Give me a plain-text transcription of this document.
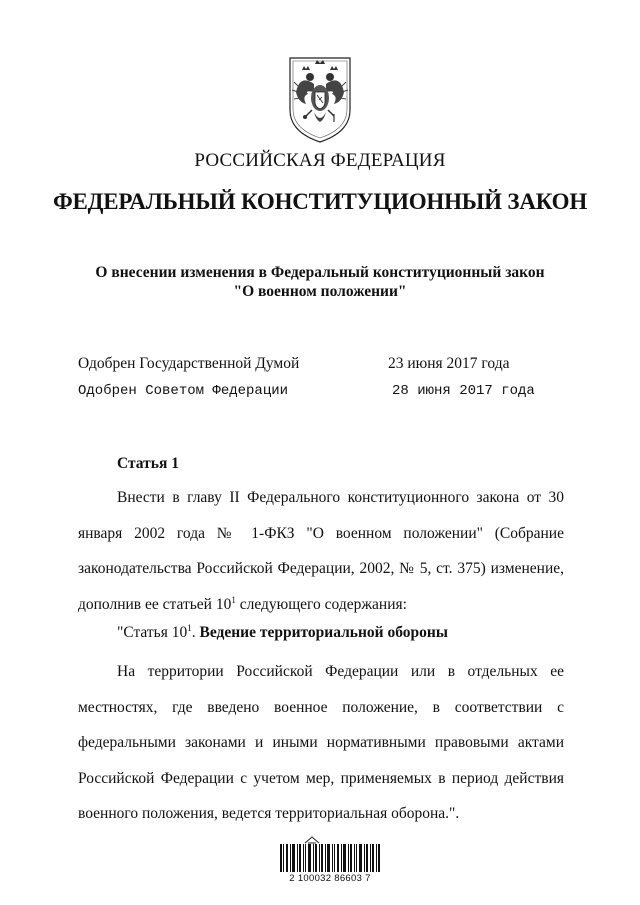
РОССИЙСКАЯ ФЕДЕРАЦИЯ
ФЕДЕРАЛЬНЫЙ КОНСТИТУЦИОННЫЙ ЗАКОН
О внесении изменения в Федеральный конституционный закон
"О военном положении"
Одобрен Государственной Думой	23 июня 2017 года
Одобрен Советом Федерации	28 июня 2017 года
Статья 1
Внести в главу II Федерального конституционного закона от 30 января 2002 года № 1-ФКЗ "О военном положении" (Собрание законодательства Российской Федерации, 2002, № 5, ст. 375) изменение, дополнив ее статьей $10^1$ следующего содержания:
"Статья $10^1$. Ведение территориальной обороны
На территории Российской Федерации или в отдельных ее местностях, где введено военное положение, в соответствии с федеральными законами и иными нормативными правовыми актами Российской Федерации с учетом мер, применяемых в период действия военного положения, ведется территориальная оборона.".
2 100032 86603 7
